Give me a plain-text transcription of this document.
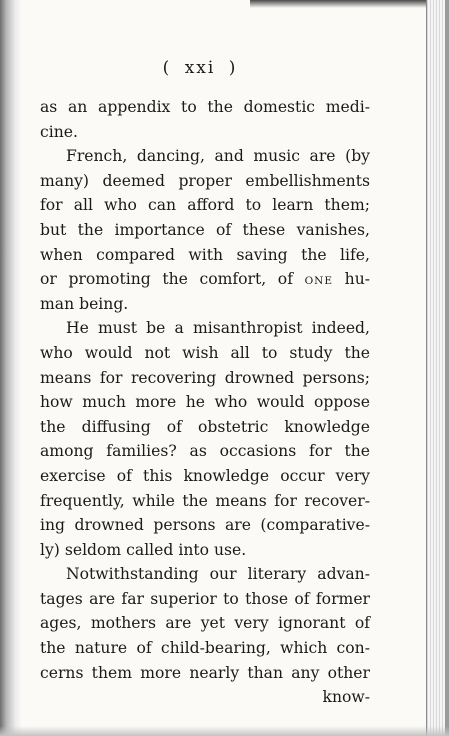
( xxi )
as an appendix to the domestic medi-
cine.
French, dancing, and music are (by
many) deemed proper embellishments
for all who can afford to learn them;
but the importance of these vanishes,
when compared with saving the life,
or promoting the comfort, of ONE hu-
man being.
He must be a misanthropist indeed,
who would not wish all to study the
means for recovering drowned persons;
how much more he who would oppose
the diffusing of obstetric knowledge
among families? as occasions for the
exercise of this knowledge occur very
frequently, while the means for recover-
ing drowned persons are (comparative-
ly) seldom called into use.
Notwithstanding our literary advan-
tages are far superior to those of former
ages, mothers are yet very ignorant of
the nature of child-bearing, which con-
cerns them more nearly than any other
know-
